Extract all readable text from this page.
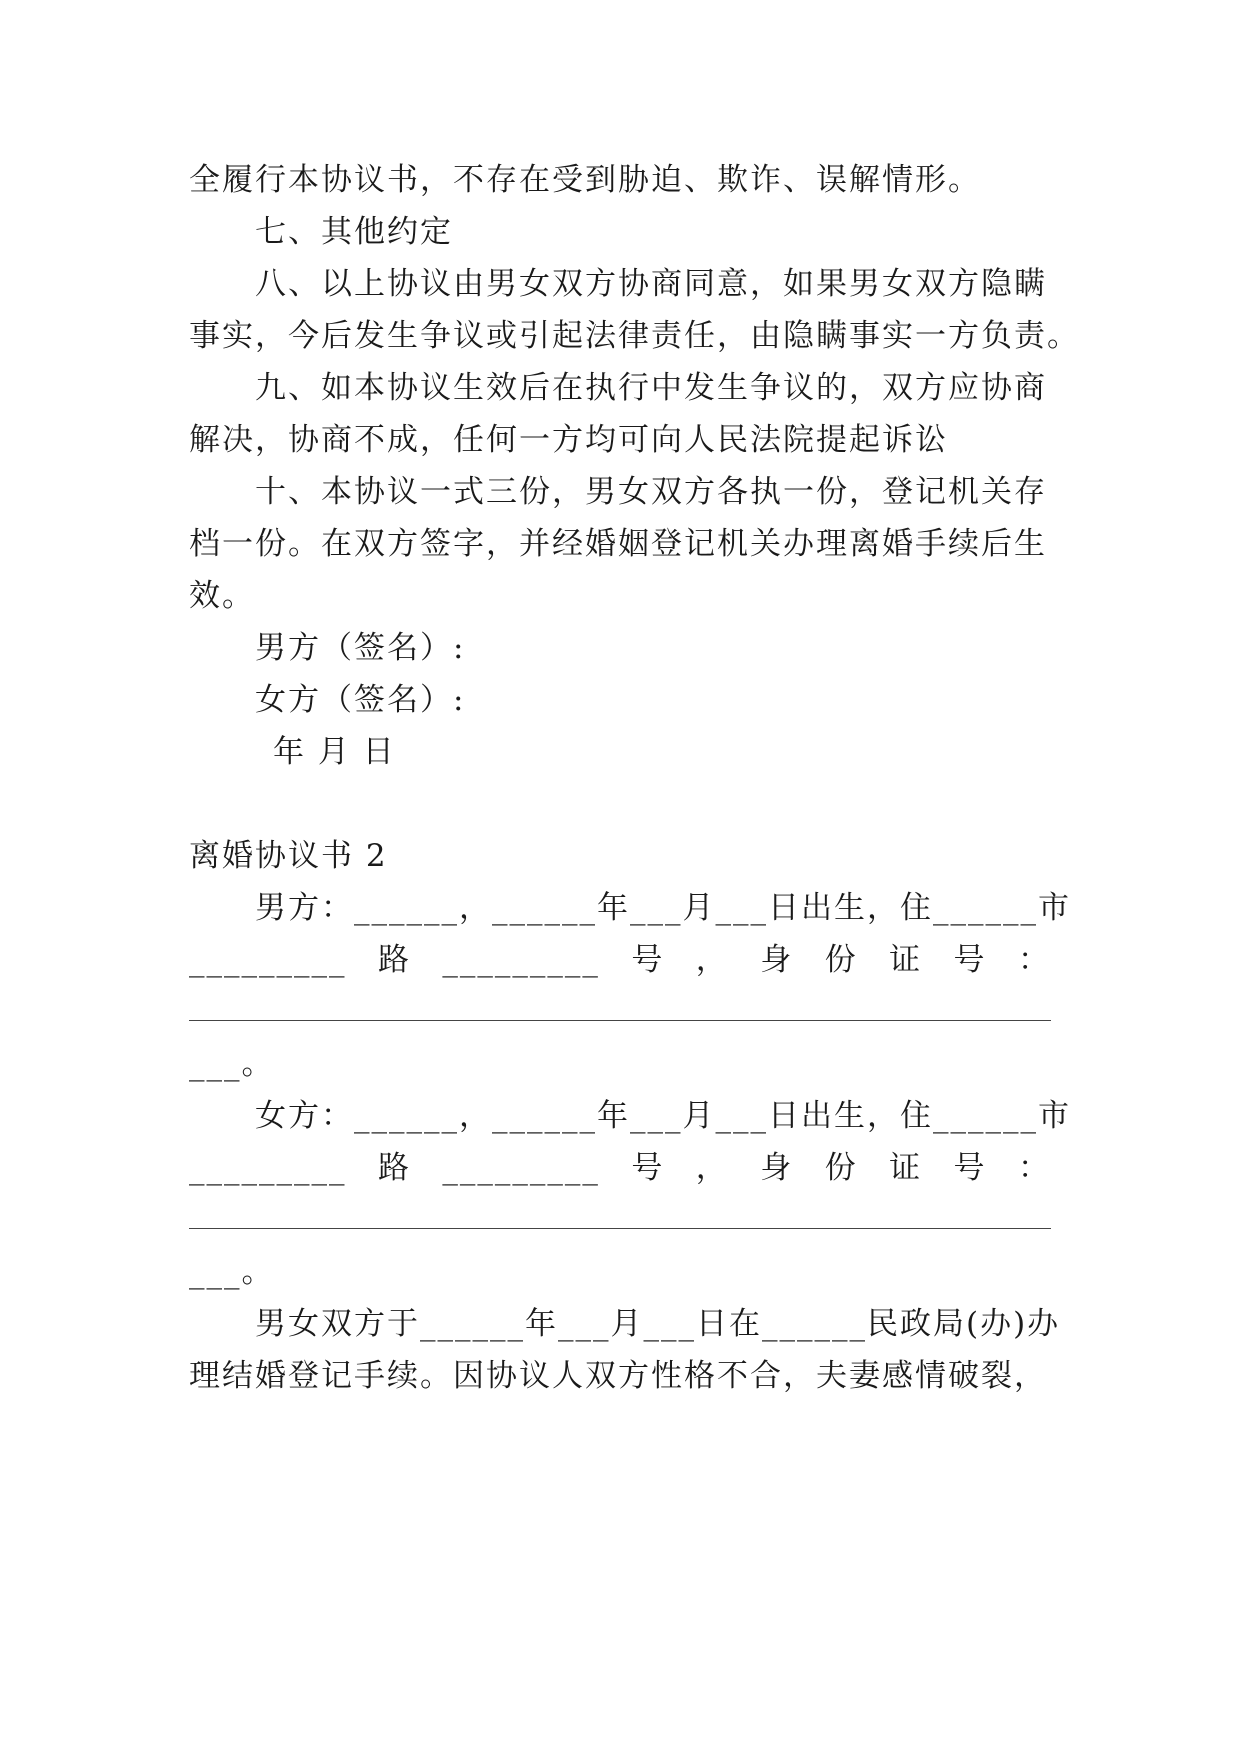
全履行本协议书，不存在受到胁迫、欺诈、误解情形。
七、其他约定
八、以上协议由男女双方协商同意，如果男女双方隐瞒
事实，今后发生争议或引起法律责任，由隐瞒事实一方负责。
九、如本协议生效后在执行中发生争议的，双方应协商
解决，协商不成，任何一方均可向人民法院提起诉讼
十、本协议一式三份，男女双方各执一份，登记机关存
档一份。在双方签字，并经婚姻登记机关办理离婚手续后生
效。
男方（签名）:
女方（签名）:
年 月 日
离婚协议书 2
男方：______，______年___月___日出生，住______市
_________ 路 _________ 号 ， 身 份 证 号 ：
___。
女方：______，______年___月___日出生，住______市
_________ 路 _________ 号 ， 身 份 证 号 ：
___。
男女双方于______年___月___日在______民政局(办)办
理结婚登记手续。因协议人双方性格不合，夫妻感情破裂，
